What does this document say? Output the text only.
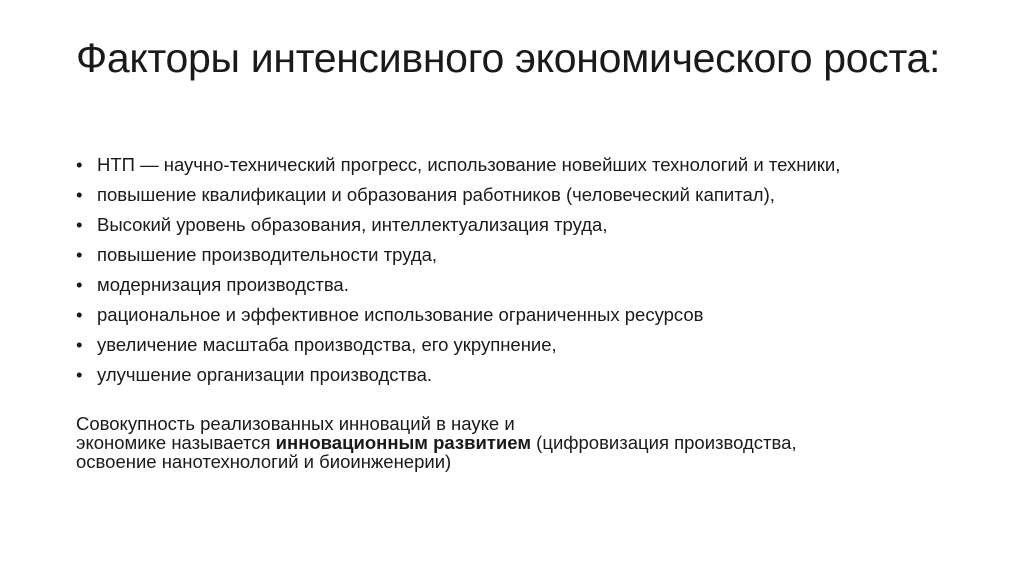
Факторы интенсивного экономического роста:
• НТП — научно-технический прогресс, использование новейших технологий и техники,
• повышение квалификации и образования работников (человеческий капитал),
• Высокий уровень образования, интеллектуализация труда,
• повышение производительности труда,
• модернизация производства.
• рациональное и эффективное использование ограниченных ресурсов
• увеличение масштаба производства, его укрупнение,
• улучшение организации производства.

Совокупность реализованных инноваций в науке и
экономике называется инновационным развитием (цифровизация производства,
освоение нанотехнологий и биоинженерии)
